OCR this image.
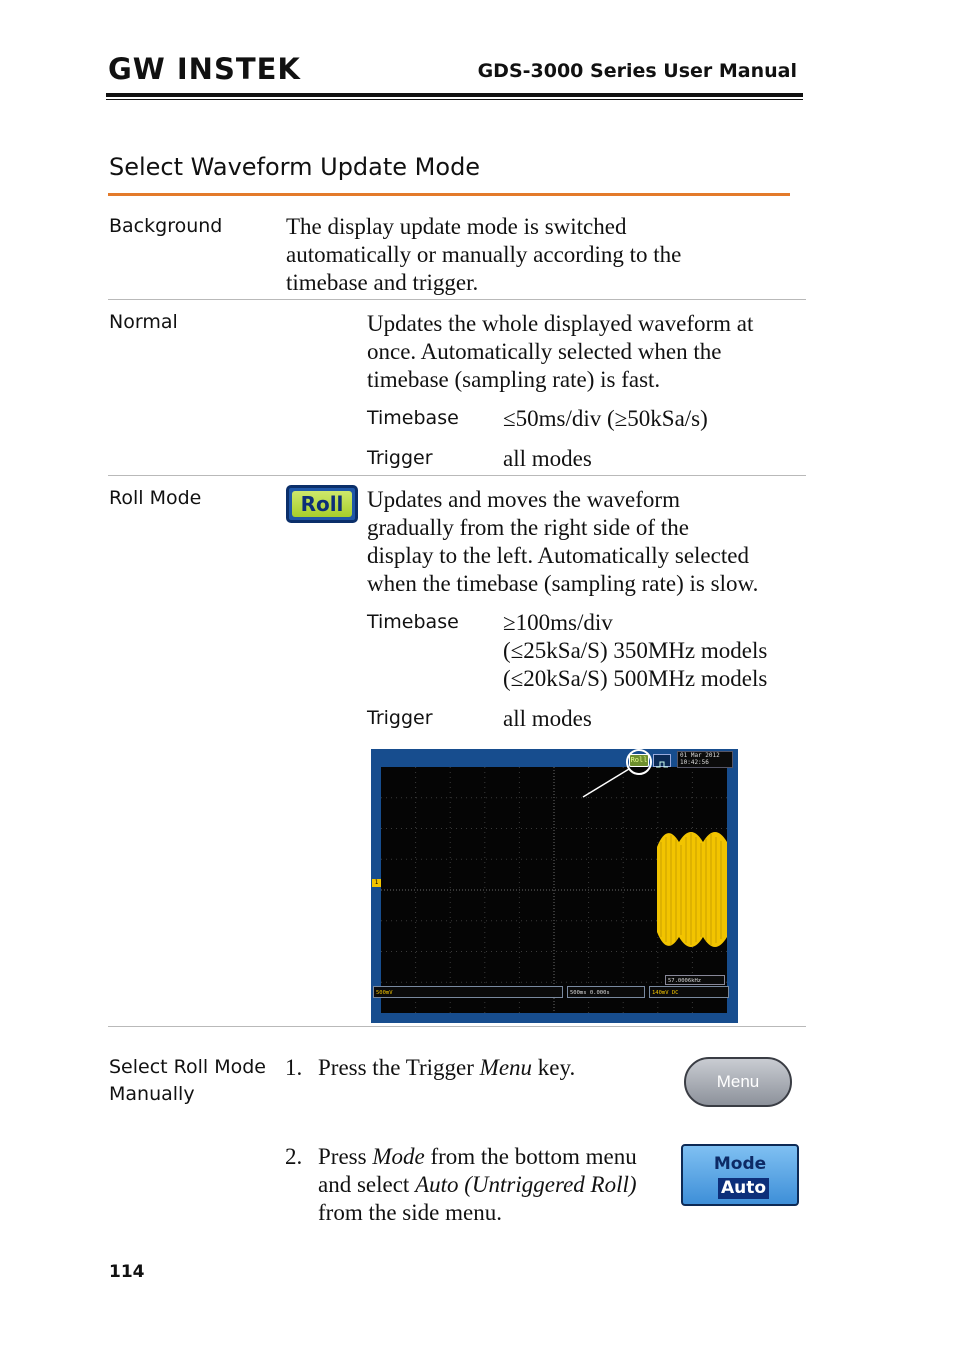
GW INSTEK	GDS-3000 Series User Manual
Select Waveform Update Mode
Background	The display update mode is switched
automatically or manually according to the
timebase and trigger.
Normal	Updates the whole displayed waveform at
once. Automatically selected when the
timebase (sampling rate) is fast.
Timebase ≤50ms/div (≥50kSa/s)
Trigger	all modes
Roll Mode	Roll	Updates and moves the waveform
gradually from the right side of the
display to the left. Automatically selected
when the timebase (sampling rate) is slow.
Timebase ≥100ms/div
(≤25kSa/S) 350MHz models
(≤20kSa/S) 500MHz models
Trigger	all modes
Roll
01 Mar 2012
10:42:56
1
57.0006kHz
500mV	500ms 0.000s	140mV DC
Select Roll Mode
Manually
1. Press the Trigger Menu key.
Menu
2. Press Mode from the bottom menu
and select Auto (Untriggered Roll)
from the side menu.
Mode
Auto
114
